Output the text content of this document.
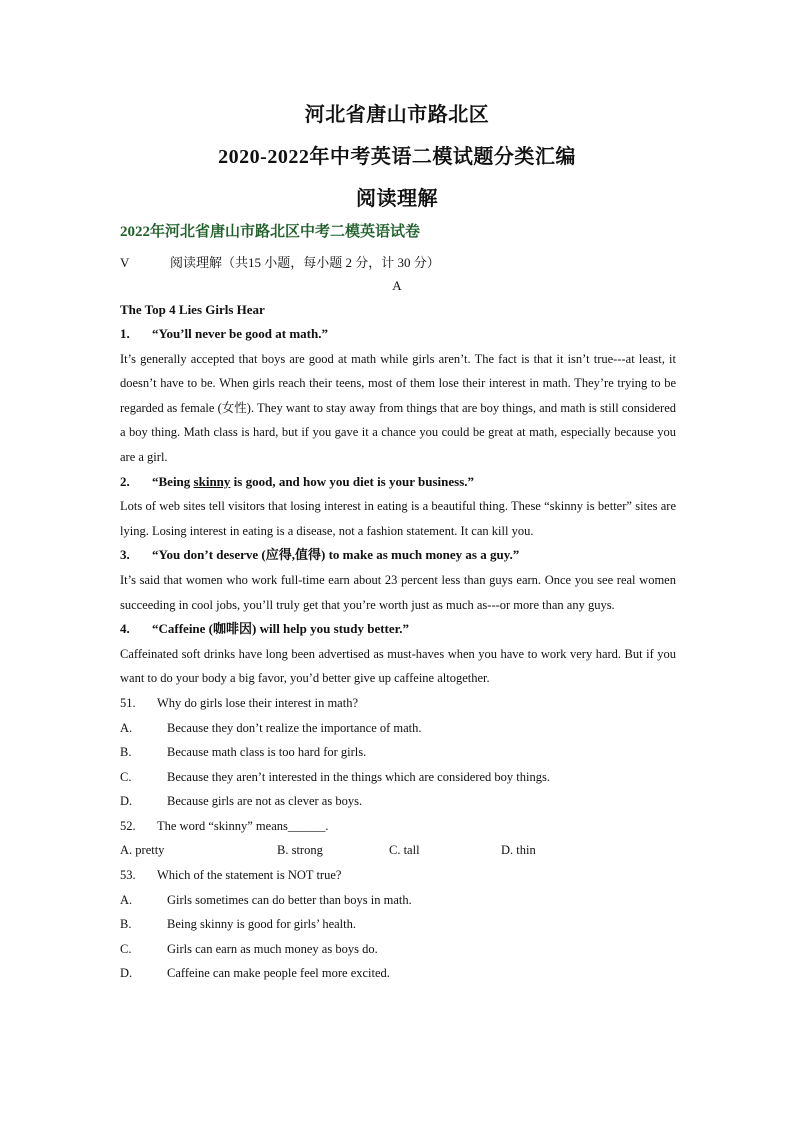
河北省唐山市路北区
2020-2022年中考英语二模试题分类汇编
阅读理解
2022年河北省唐山市路北区中考二模英语试卷
V	阅读理解（共15 小题，每小题 2 分，计 30 分）
A
The Top 4 Lies Girls Hear
1. “You’ll never be good at math.”
It’s generally accepted that boys are good at math while girls aren’t. The fact is that it isn’t true---at least, it doesn’t have to be. When girls reach their teens, most of them lose their interest in math. They’re trying to be regarded as female (女性). They want to stay away from things that are boy things, and math is still considered a boy thing. Math class is hard, but if you gave it a chance you could be great at math, especially because you are a girl.
2. “Being skinny is good, and how you diet is your business.”
Lots of web sites tell visitors that losing interest in eating is a beautiful thing. These “skinny is better” sites are lying. Losing interest in eating is a disease, not a fashion statement. It can kill you.
3. “You don’t deserve (应得,值得) to make as much money as a guy.”
It’s said that women who work full-time earn about 23 percent less than guys earn. Once you see real women succeeding in cool jobs, you’ll truly get that you’re worth just as much as---or more than any guys.
4. “Caffeine (咖啡因) will help you study better.”
Caffeinated soft drinks have long been advertised as must-haves when you have to work very hard. But if you want to do your body a big favor, you’d better give up caffeine altogether.
51. Why do girls lose their interest in math?
A.	Because they don’t realize the importance of math.
B.	Because math class is too hard for girls.
C.	Because they aren’t interested in the things which are considered boy things.
D.	Because girls are not as clever as boys.
52. The word “skinny” means______.
A. pretty	B. strong	C. tall	D. thin
53. Which of the statement is NOT true?
A.	Girls sometimes can do better than boys in math.
B.	Being skinny is good for girls’ health.
C.	Girls can earn as much money as boys do.
D.	Caffeine can make people feel more excited.
